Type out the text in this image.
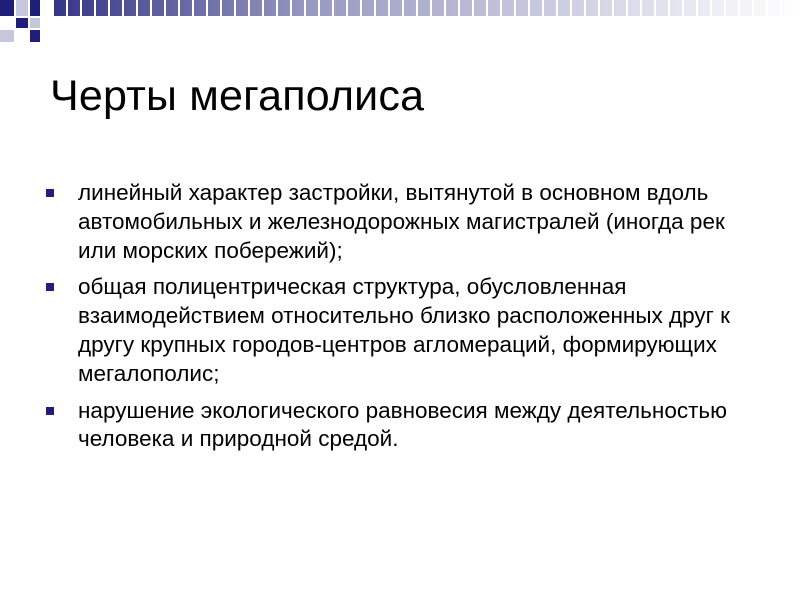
Черты мегаполиса
линейный характер застройки, вытянутой в основном вдоль автомобильных и железнодорожных магистралей (иногда рек или морских побережий);
общая полицентрическая структура, обусловленная взаимодействием относительно близко расположенных друг к другу крупных городов-центров агломераций, формирующих мегалополис;
нарушение экологического равновесия между деятельностью человека и природной средой.
